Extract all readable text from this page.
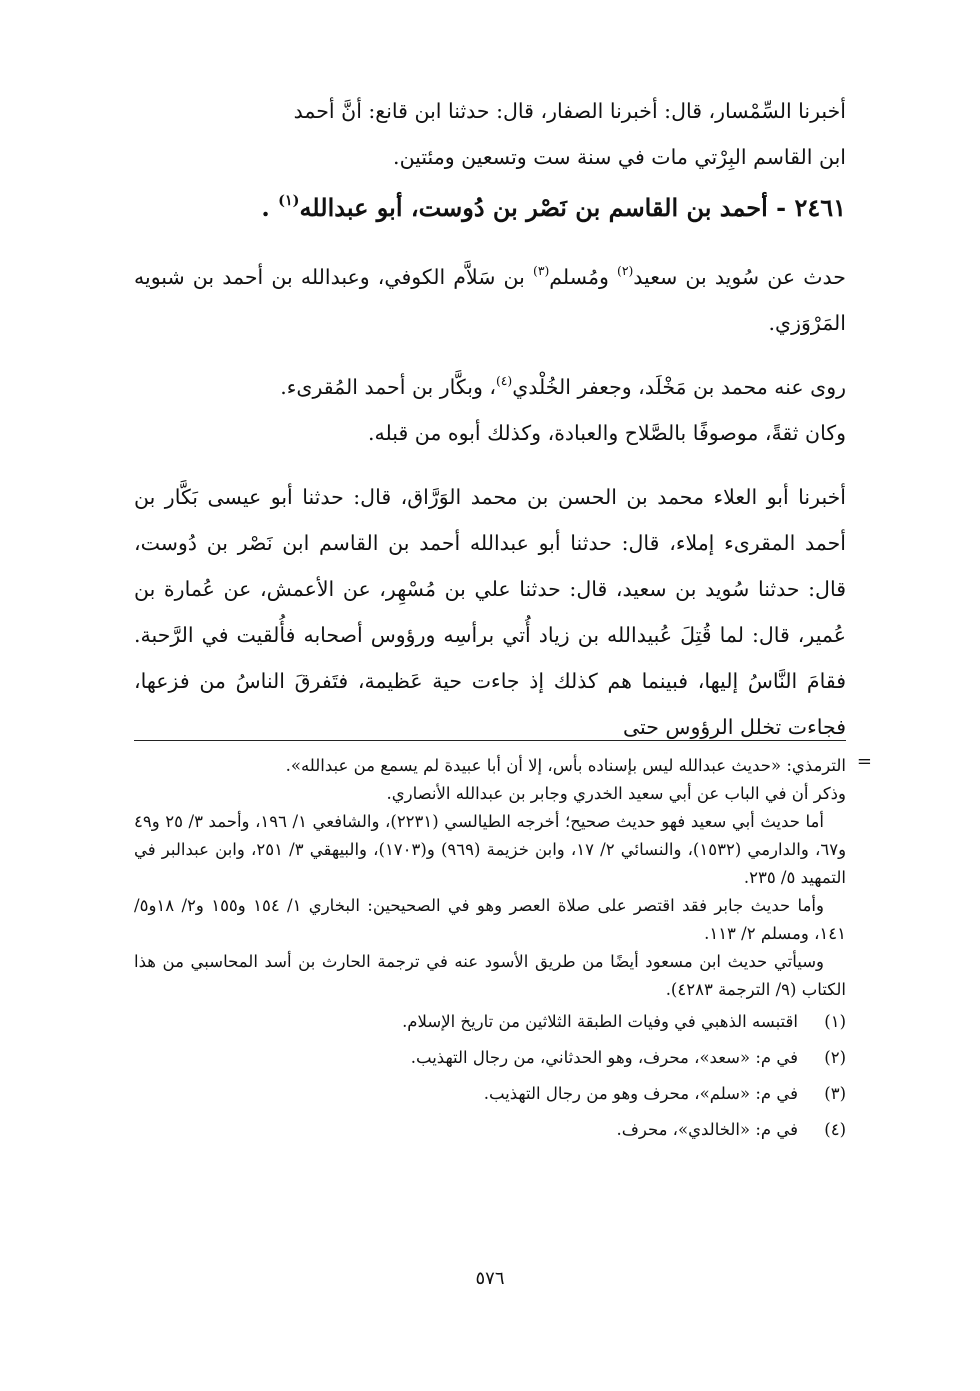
أخبرنا السِّمْسار، قال: أخبرنا الصفار، قال: حدثنا ابن قانع: أنَّ أحمد

ابن القاسم البِرْتي مات في سنة ست وتسعين ومئتين.

٢٤٦١ - أحمد بن القاسم بن نَصْر بن دُوست، أبو عبدالله$^{(١)}$ .

حدث عن سُويد بن سعيد$^{(٢)}$ ومُسلم$^{(٣)}$ بن سَلاَّم الكوفي، وعبدالله بن أحمد بن شبويه المَرْوَزي.

روى عنه محمد بن مَخْلَد، وجعفر الخُلْدي$^{(٤)}$، وبكَّار بن أحمد المُقرىء.

وكان ثقةً، موصوفًا بالصَّلاح والعبادة، وكذلك أبوه من قبله.

أخبرنا أبو العلاء محمد بن الحسن بن محمد الوَرَّاق، قال: حدثنا أبو عيسى بَكَّار بن أحمد المقرىء إملاء، قال: حدثنا أبو عبدالله أحمد بن القاسم ابن نَصْر بن دُوست، قال: حدثنا سُويد بن سعيد، قال: حدثنا علي بن مُسْهِر، عن الأعمش، عن عُمارة بن عُمير، قال: لما قُتِلَ عُبيدالله بن زياد أُتي برأسِه ورؤوس أصحابه فأُلقيت في الرَّحبة. فقامَ النَّاسُ إليها، فبينما هم كذلك إذ جاءت حية عَظيمة، فتَفرقَ الناسُ من فزعها، فجاءت تخلل الرؤوس حتى

=

الترمذي: «حديث عبدالله ليس بإسناده بأس، إلا أن أبا عبيدة لم يسمع من عبدالله».

وذكر أن في الباب عن أبي سعيد الخدري وجابر بن عبدالله الأنصاري.

أما حديث أبي سعيد فهو حديث صحيح؛ أخرجه الطيالسي (٢٢٣١)، والشافعي ١/ ١٩٦، وأحمد ٣/ ٢٥ و٤٩ و٦٧، والدارمي (١٥٣٢)، والنسائي ٢/ ١٧، وابن خزيمة (٩٦٩) و(١٧٠٣)، والبيهقي ٣/ ٢٥١، وابن عبدالبر في التمهيد ٥/ ٢٣٥.

وأما حديث جابر فقد اقتصر على صلاة العصر وهو في الصحيحين: البخاري ١/ ١٥٤ و١٥٥ و٢/ ١٨و٥/ ١٤١، ومسلم ٢/ ١١٣.

وسيأتي حديث ابن مسعود أيضًا من طريق الأسود عنه في ترجمة الحارث بن أسد المحاسبي من هذا الكتاب (٩/ الترجمة ٤٢٨٣).

(١)
اقتبسه الذهبي في وفيات الطبقة الثلاثين من تاريخ الإسلام.
(٢)
في م: «سعد»، محرف، وهو الحدثاني، من رجال التهذيب.
(٣)
في م: «سلم»، محرف وهو من رجال التهذيب.
(٤)
في م: «الخالدي»، محرف.
٥٧٦
